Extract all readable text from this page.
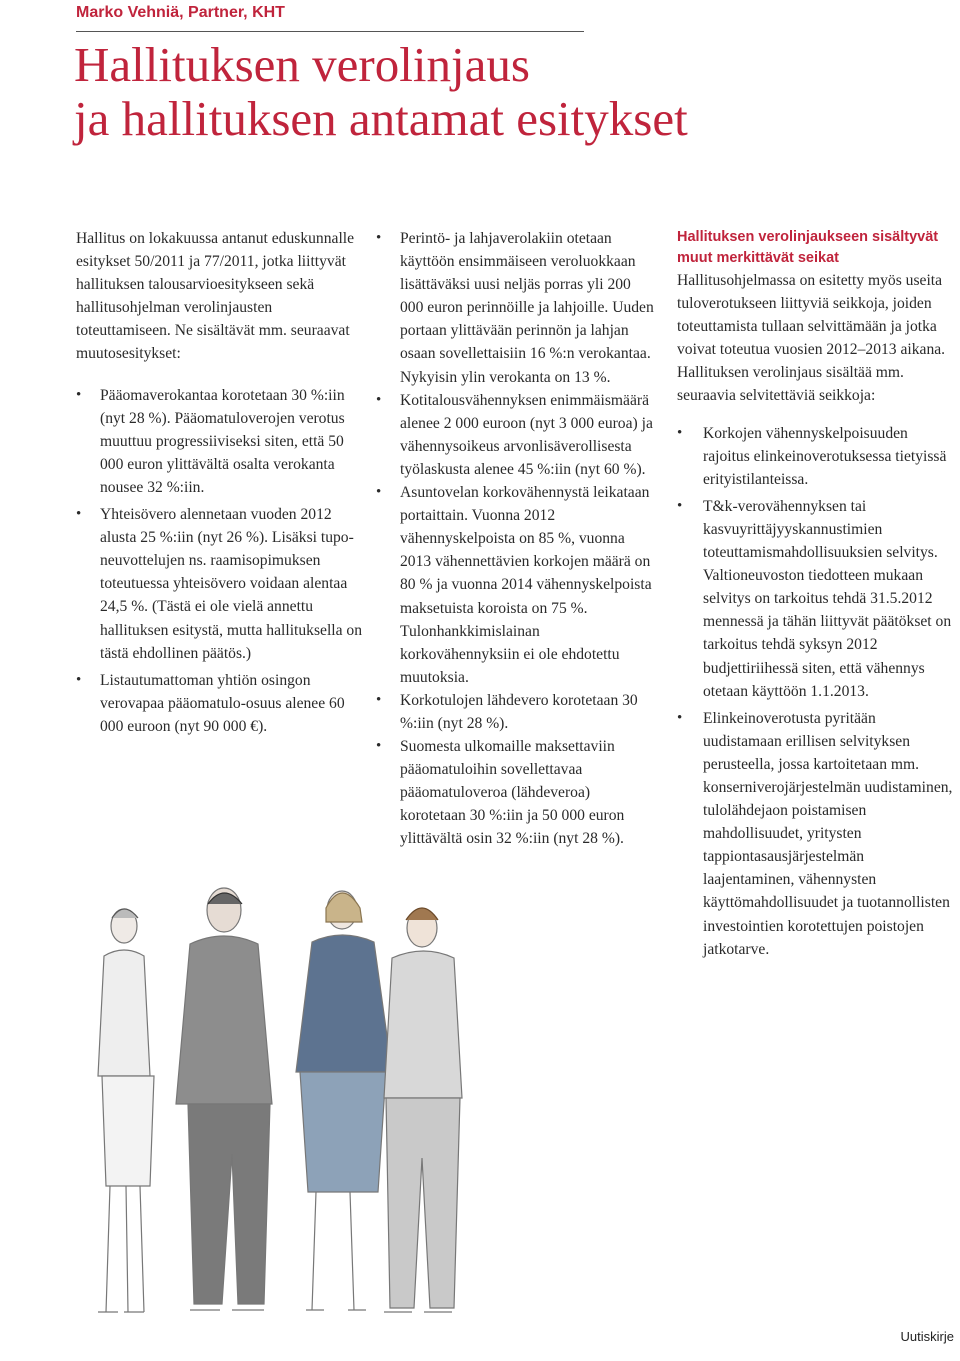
Marko Vehniä, Partner, KHT
Hallituksen verolinjaus
ja hallituksen antamat esitykset

Hallitus on lokakuussa antanut eduskunnalle esitykset 50/2011 ja 77/2011, jotka liittyvät hallituksen talousarvioesitykseen sekä hallitusohjelman verolinjausten toteuttamiseen. Ne sisältävät mm. seuraavat muutosesitykset:

• Pääomaverokantaa korotetaan 30 %:iin (nyt 28 %). Pääomatuloverojen verotus muuttuu progressiiviseksi siten, että 50 000 euron ylittävältä osalta verokanta nousee 32 %:iin.
• Yhteisövero alennetaan vuoden 2012 alusta 25 %:iin (nyt 26 %). Lisäksi tupo-neuvottelujen ns. raamisopimuksen toteutuessa yhteisövero voidaan alentaa 24,5 %. (Tästä ei ole vielä annettu hallituksen esitystä, mutta hallituksella on tästä ehdollinen päätös.)
• Listautumattoman yhtiön osingon verovapaa pääomatulo-osuus alenee 60 000 euroon (nyt 90 000 €).
• Perintö- ja lahjaverolakiin otetaan käyttöön ensimmäiseen veroluokkaan lisättäväksi uusi neljäs porras yli 200 000 euron perinnöille ja lahjoille. Uuden portaan ylittävään perinnön ja lahjan osaan sovellettaisiin 16 %:n verokantaa. Nykyisin ylin verokanta on 13 %.
• Kotitalousvähennyksen enimmäismäärä alenee 2 000 euroon (nyt 3 000 euroa) ja vähennysoikeus arvonlisäverollisesta työlaskusta alenee 45 %:iin (nyt 60 %).
• Asuntovelan korkovähennystä leikataan portaittain. Vuonna 2012 vähennyskelpoista on 85 %, vuonna 2013 vähennettävien korkojen määrä on 80 % ja vuonna 2014 vähennyskelpoista maksetuista koroista on 75 %. Tulonhankkimislainan korkovähennyksiin ei ole ehdotettu muutoksia.
• Korkotulojen lähdevero korotetaan 30 %:iin (nyt 28 %).
• Suomesta ulkomaille maksettaviin pääomatuloihin sovellettavaa pääomatuloveroa (lähdeveroa) korotetaan 30 %:iin ja 50 000 euron ylittävältä osin 32 %:iin (nyt 28 %).
Hallituksen verolinjaukseen sisältyvät muut merkittävät seikat

Hallitusohjelmassa on esitetty myös useita tuloverotukseen liittyviä seikkoja, joiden toteuttamista tullaan selvittämään ja jotka voivat toteutua vuosien 2012–2013 aikana. Hallituksen verolinjaus sisältää mm. seuraavia selvitettäviä seikkoja:

• Korkojen vähennyskelpoisuuden rajoitus elinkeinoverotuksessa tietyissä erityistilanteissa.
• T&k-verovähennyksen tai kasvuyrittäjyyskannustimien toteuttamismahdollisuuksien selvitys. Valtioneuvoston tiedotteen mukaan selvitys on tarkoitus tehdä 31.5.2012 mennessä ja tähän liittyvät päätökset on tarkoitus tehdä syksyn 2012 budjettiriihessä siten, että vähennys otetaan käyttöön 1.1.2013.
• Elinkeinoverotusta pyritään uudistamaan erillisen selvityksen perusteella, jossa kartoitetaan mm. konserniverojärjestelmän uudistaminen, tulolähdejaon poistamisen mahdollisuudet, yritysten tappiontasausjärjestelmän laajentaminen, vähennysten käyttömahdollisuudet ja tuotannollisten investointien korotettujen poistojen jatkotarve.
Uutiskirje
